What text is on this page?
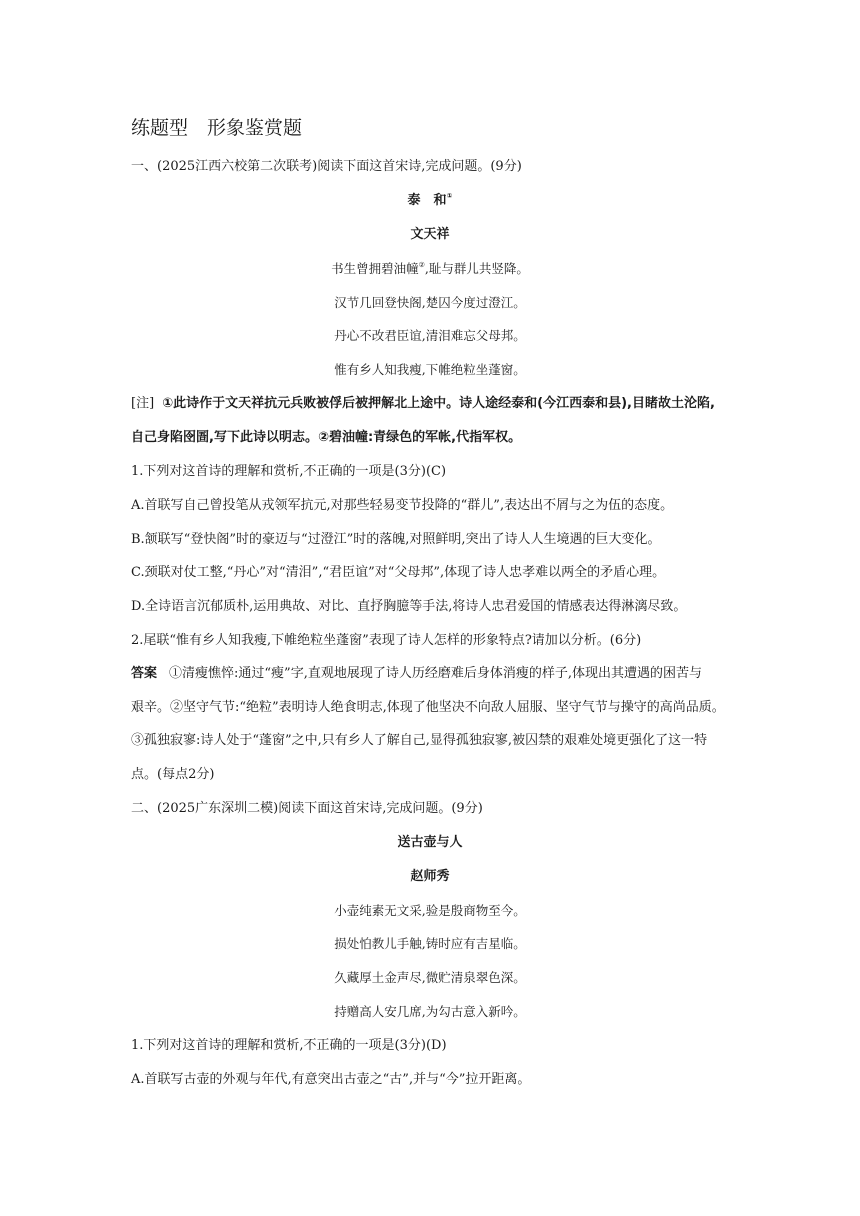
练题型　形象鉴赏题
一、(2025江西六校第二次联考)阅读下面这首宋诗,完成问题。(9分)
泰　和①
文天祥
书生曾拥碧油幢②,耻与群儿共竖降。
汉节几回登快阁,楚囚今度过澄江。
丹心不改君臣谊,清泪难忘父母邦。
惟有乡人知我瘦,下帷绝粒坐蓬窗。
[注] ①此诗作于文天祥抗元兵败被俘后被押解北上途中。诗人途经泰和(今江西泰和县),目睹故土沦陷,
自己身陷囹圄,写下此诗以明志。②碧油幢:青绿色的军帐,代指军权。
1.下列对这首诗的理解和赏析,不正确的一项是(3分)(C)
A.首联写自己曾投笔从戎领军抗元,对那些轻易变节投降的“群儿”,表达出不屑与之为伍的态度。
B.颔联写“登快阁”时的豪迈与“过澄江”时的落魄,对照鲜明,突出了诗人人生境遇的巨大变化。
C.颈联对仗工整,“丹心”对“清泪”,“君臣谊”对“父母邦”,体现了诗人忠孝难以两全的矛盾心理。
D.全诗语言沉郁质朴,运用典故、对比、直抒胸臆等手法,将诗人忠君爱国的情感表达得淋漓尽致。
2.尾联“惟有乡人知我瘦,下帷绝粒坐蓬窗”表现了诗人怎样的形象特点?请加以分析。(6分)
答案 ①清瘦憔悴:通过“瘦”字,直观地展现了诗人历经磨难后身体消瘦的样子,体现出其遭遇的困苦与
艰辛。②坚守气节:“绝粒”表明诗人绝食明志,体现了他坚决不向敌人屈服、坚守气节与操守的高尚品质。
③孤独寂寥:诗人处于“蓬窗”之中,只有乡人了解自己,显得孤独寂寥,被囚禁的艰难处境更强化了这一特
点。(每点2分)
二、(2025广东深圳二模)阅读下面这首宋诗,完成问题。(9分)
送古壶与人
赵师秀
小壶纯素无文采,验是殷商物至今。
损处怕教儿手触,铸时应有吉星临。
久藏厚土金声尽,微贮清泉翠色深。
持赠高人安几席,为勾古意入新吟。
1.下列对这首诗的理解和赏析,不正确的一项是(3分)(D)
A.首联写古壶的外观与年代,有意突出古壶之“古”,并与“今”拉开距离。
